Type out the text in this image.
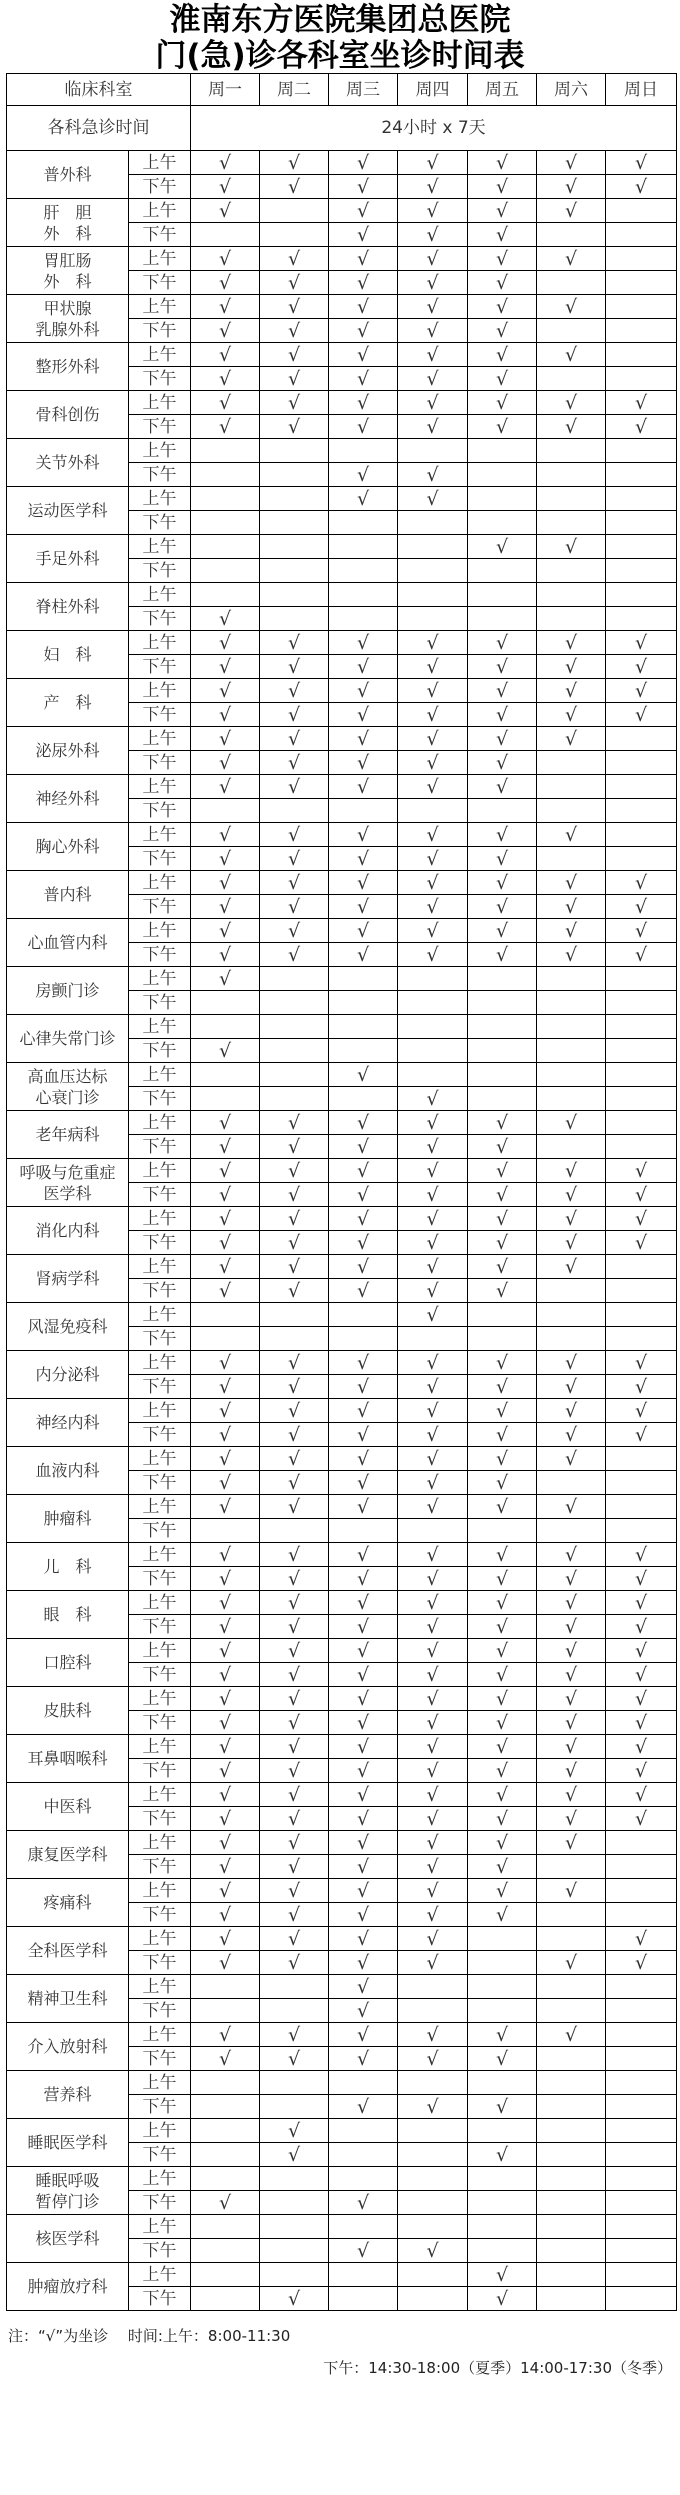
淮南东方医院集团总医院
门(急)诊各科室坐诊时间表
临床科室		周一	周二	周三	周四	周五	周六	周日
各科急诊时间		24小时 x 7天						
普外科	上午	√	√	√	√	√	√	√
	下午	√	√	√	√	√	√	√
肝　胆
外　科	上午	√		√	√	√	√	
	下午			√	√	√		
胃肛肠
外　科	上午	√	√	√	√	√	√	
	下午	√	√	√	√	√		
甲状腺
乳腺外科	上午	√	√	√	√	√	√	
	下午	√	√	√	√	√		
整形外科	上午	√	√	√	√	√	√	
	下午	√	√	√	√	√		
骨科创伤	上午	√	√	√	√	√	√	√
	下午	√	√	√	√	√	√	√
关节外科	上午							
	下午			√	√			
运动医学科	上午			√	√			
	下午							
手足外科	上午					√	√	
	下午							
脊柱外科	上午							
	下午	√						
妇　科	上午	√	√	√	√	√	√	√
	下午	√	√	√	√	√	√	√
产　科	上午	√	√	√	√	√	√	√
	下午	√	√	√	√	√	√	√
泌尿外科	上午	√	√	√	√	√	√	
	下午	√	√	√	√	√		
神经外科	上午	√	√	√	√	√		
	下午							
胸心外科	上午	√	√	√	√	√	√	
	下午	√	√	√	√	√		
普内科	上午	√	√	√	√	√	√	√
	下午	√	√	√	√	√	√	√
心血管内科	上午	√	√	√	√	√	√	√
	下午	√	√	√	√	√	√	√
房颤门诊	上午	√						
	下午							
心律失常门诊	上午							
	下午	√						
高血压达标
心衰门诊	上午			√				
	下午				√			
老年病科	上午	√	√	√	√	√	√	
	下午	√	√	√	√	√		
呼吸与危重症
医学科	上午	√	√	√	√	√	√	√
	下午	√	√	√	√	√	√	√
消化内科	上午	√	√	√	√	√	√	√
	下午	√	√	√	√	√	√	√
肾病学科	上午	√	√	√	√	√	√	
	下午	√	√	√	√	√		
风湿免疫科	上午				√			
	下午							
内分泌科	上午	√	√	√	√	√	√	√
	下午	√	√	√	√	√	√	√
神经内科	上午	√	√	√	√	√	√	√
	下午	√	√	√	√	√	√	√
血液内科	上午	√	√	√	√	√	√	
	下午	√	√	√	√	√		
肿瘤科	上午	√	√	√	√	√	√	
	下午							
儿　科	上午	√	√	√	√	√	√	√
	下午	√	√	√	√	√	√	√
眼　科	上午	√	√	√	√	√	√	√
	下午	√	√	√	√	√	√	√
口腔科	上午	√	√	√	√	√	√	√
	下午	√	√	√	√	√	√	√
皮肤科	上午	√	√	√	√	√	√	√
	下午	√	√	√	√	√	√	√
耳鼻咽喉科	上午	√	√	√	√	√	√	√
	下午	√	√	√	√	√	√	√
中医科	上午	√	√	√	√	√	√	√
	下午	√	√	√	√	√	√	√
康复医学科	上午	√	√	√	√	√	√	
	下午	√	√	√	√	√		
疼痛科	上午	√	√	√	√	√	√	
	下午	√	√	√	√	√		
全科医学科	上午	√	√	√	√			√
	下午	√	√	√	√		√	√
精神卫生科	上午			√				
	下午			√				
介入放射科	上午	√	√	√	√	√	√	
	下午	√	√	√	√	√		
营养科	上午							
	下午			√	√	√		
睡眠医学科	上午		√					
	下午		√			√		
睡眠呼吸
暂停门诊	上午							
	下午	√		√				
核医学科	上午							
	下午			√	√			
肿瘤放疗科	上午					√		
	下午		√			√		
注：“√”为坐诊　 时间:上午：8:00-11:30
下午：14:30-18:00（夏季）14:00-17:30（冬季）
